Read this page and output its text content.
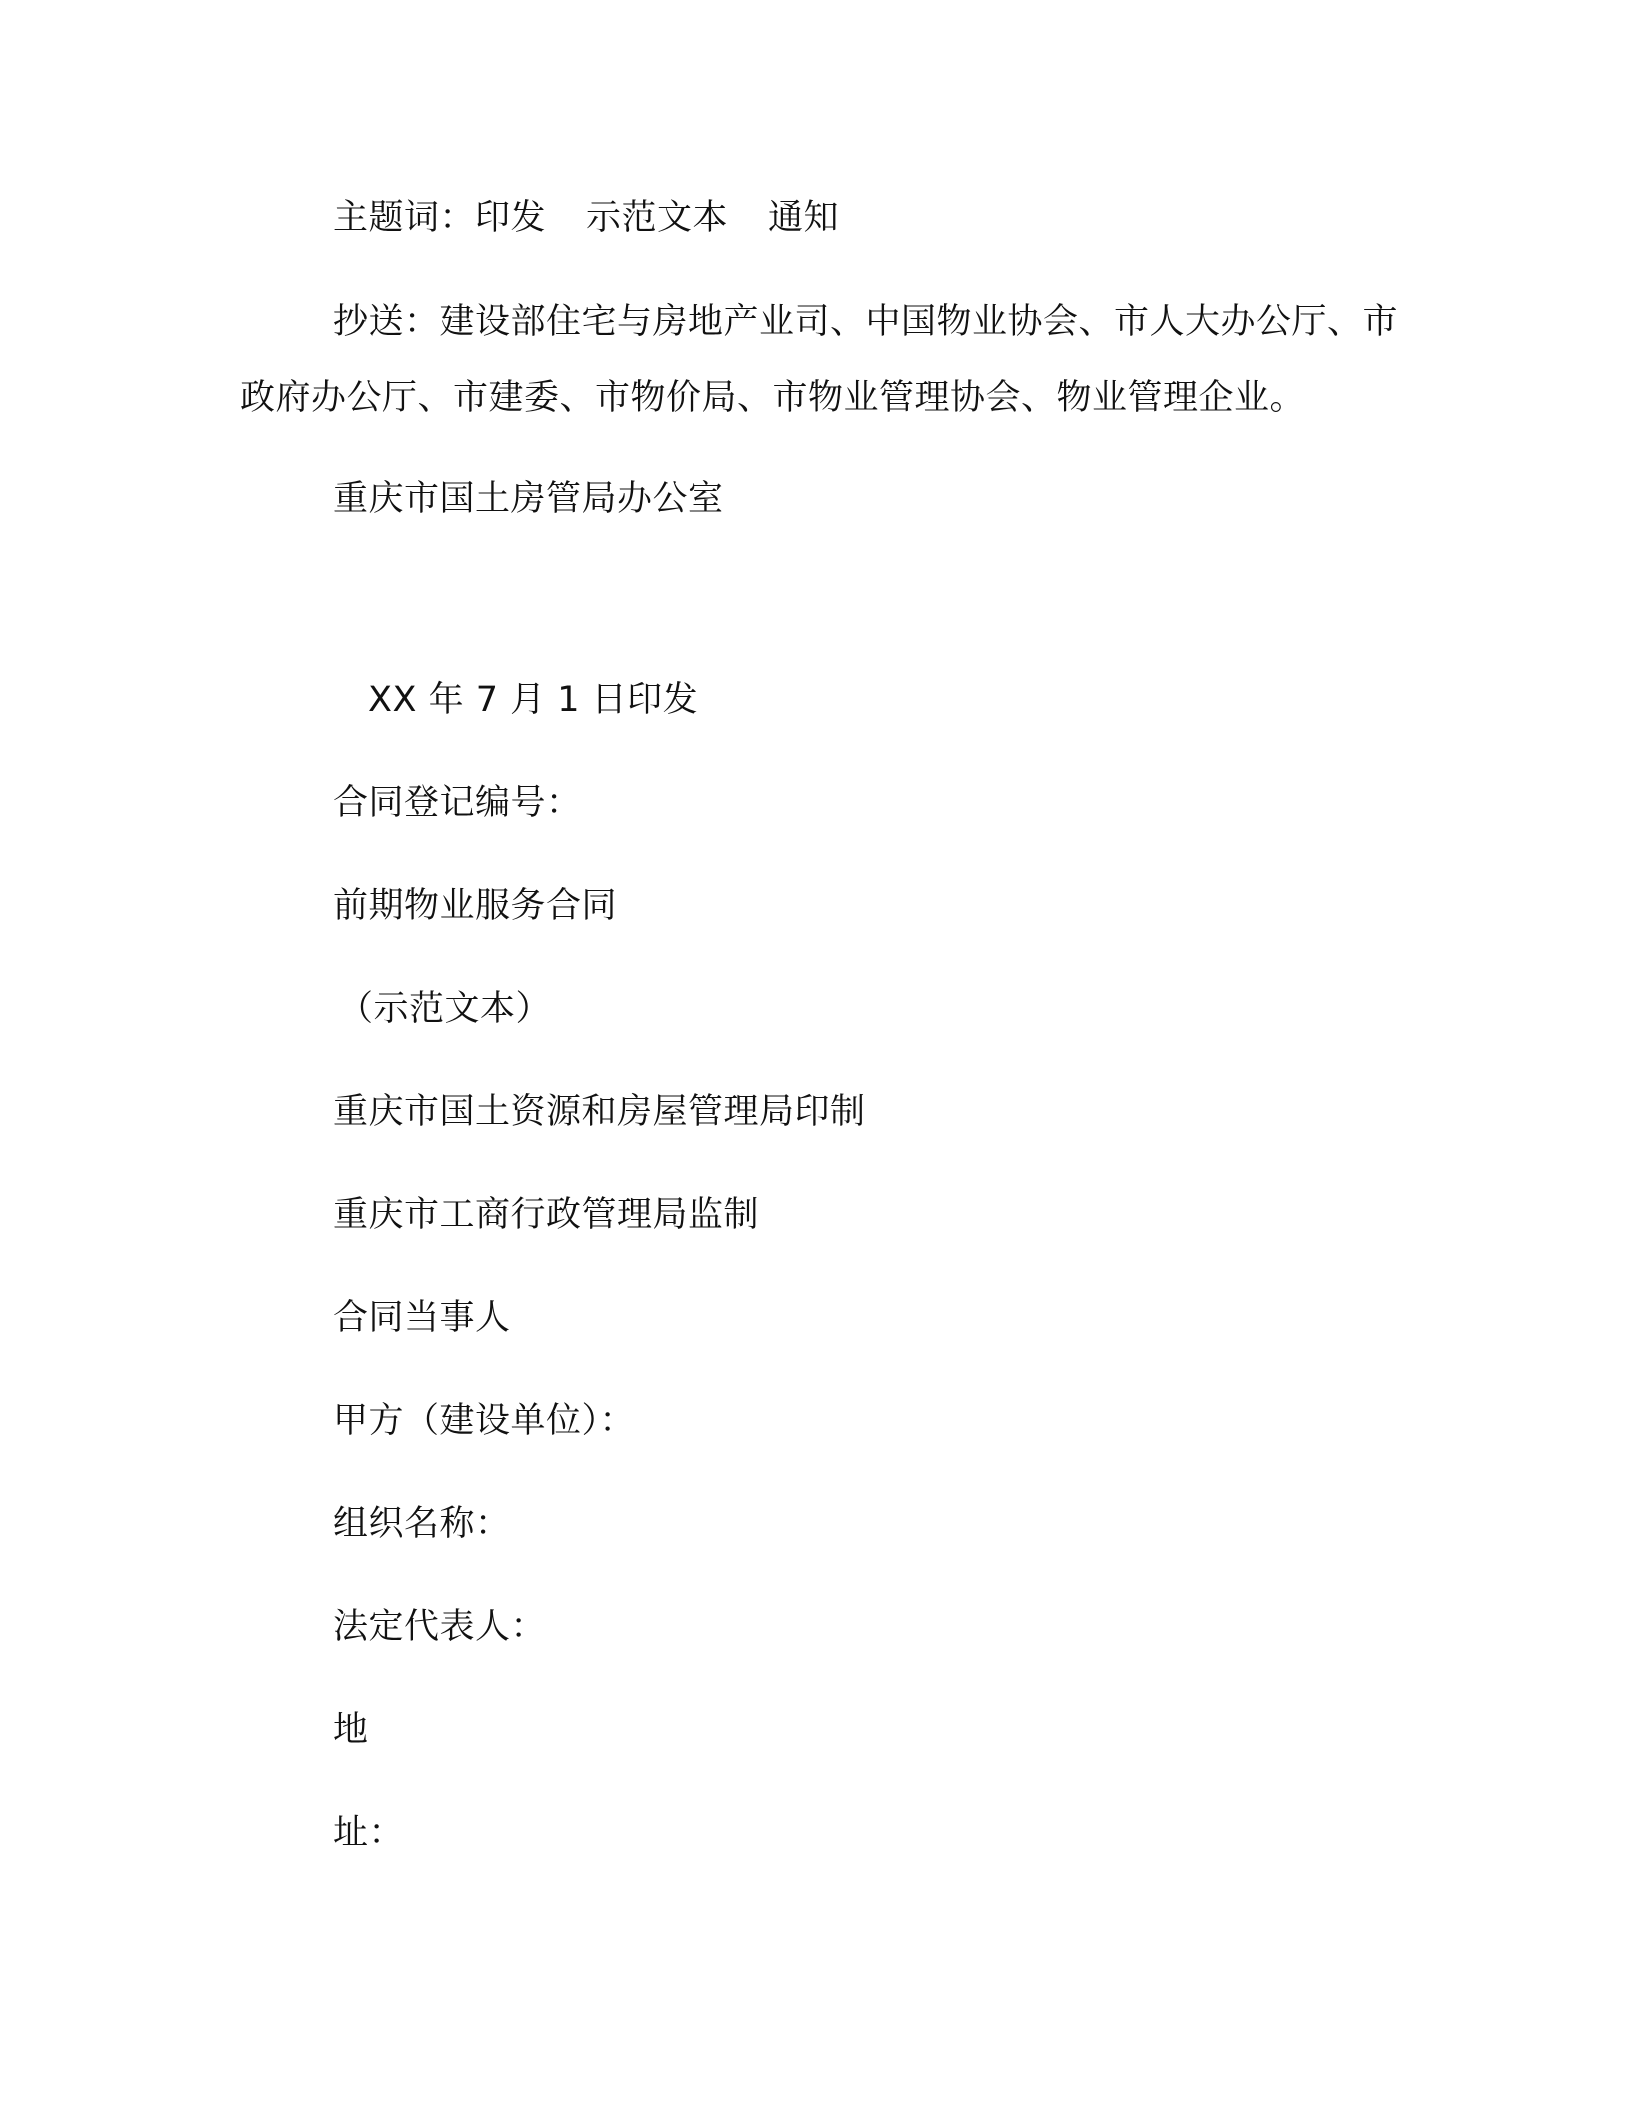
主题词：印发 示范文本 通知

抄送：建设部住宅与房地产业司、中国物业协会、市人大办公厅、市政府办公厅、市建委、市物价局、市物业管理协会、物业管理企业。

重庆市国土房管局办公室

XX 年 7 月 1 日印发

合同登记编号：

前期物业服务合同

（示范文本）

重庆市国土资源和房屋管理局印制

重庆市工商行政管理局监制

合同当事人

甲方（建设单位）：

组织名称：

法定代表人：

地

址：
